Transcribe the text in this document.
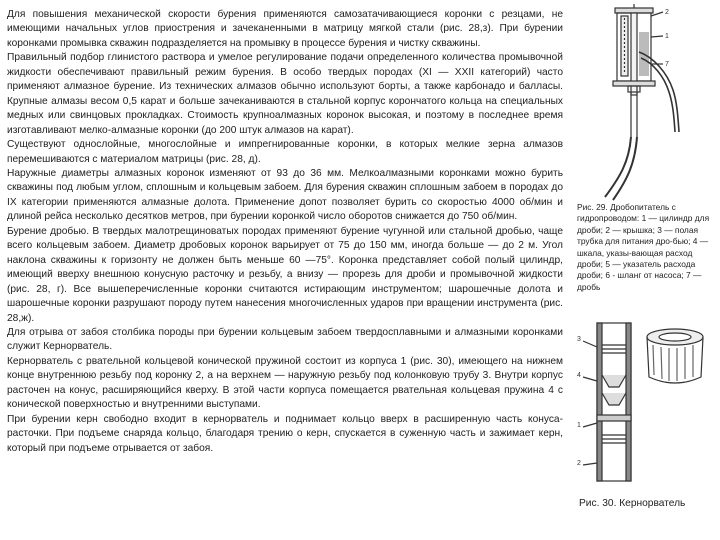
Для повышения механической скорости бурения применяются самозатачивающиеся коронки с резцами, не имеющими начальных углов приострения и зачеканенными в матрицу мягкой стали (рис. 28,з). При бурении коронками промывка скважин подразделяется на промывку в процессе бурения и чистку скважины.

Правильный подбор глинистого раствора и умелое регулирование подачи определенного количества промывочной жидкости обеспечивают правильный режим бурения. В особо твердых породах (XI — XXII категорий) часто применяют алмазное бурение. Из технических алмазов обычно используют борты, а также карбонадо и балласы. Крупные алмазы весом 0,5 карат и больше зачеканиваются в стальной корпус корончатого кольца на специальных медных или свинцовых прокладках. Стоимость крупноалмазных коронок высокая, и поэтому в последнее время изготавливают мелко-алмазные коронки (до 200 штук алмазов на карат).

Существуют однослойные, многослойные и импрегнированные коронки, в которых мелкие зерна алмазов перемешиваются с материалом матрицы (рис. 28, д).

Наружные диаметры алмазных коронок изменяют от 93 до 36 мм. Мелкоалмазными коронками можно бурить скважины под любым углом, сплошным и кольцевым забоем. Для бурения скважин сплошным забоем в породах до IX категории применяются алмазные долота. Применение допот позволяет бурить со скоростью 4000 об/мин и длиной рейса несколько десятков метров, при бурении коронкой число оборотов снижается до 750 об/мин.

Бурение дробью. В твердых малотрещиноватых породах применяют бурение чугунной или стальной дробью, чаще всего кольцевым забоем. Диаметр дробовых коронок варьирует от 75 до 150 мм, иногда больше — до 2 м. Угол наклона скважины к горизонту не должен быть меньше 60 —75°. Коронка представляет собой полый цилиндр, имеющий вверху внешнюю конусную расточку и резьбу, а внизу — прорезь для дроби и промывочной жидкости (рис. 28, г). Все вышеперечисленные коронки считаются истирающим инструментом; шарошечные долота и шарошечные коронки разрушают породу путем нанесения многочисленных ударов при вращении инструмента (рис. 28,ж).

Для отрыва от забоя столбика породы при бурении кольцевым забоем твердосплавными и алмазными коронками служит Кернорватель.

Кернорватель с рвательной кольцевой конической пружиной состоит из корпуса 1 (рис. 30), имеющего на нижнем конце внутреннюю резьбу под коронку 2, а на верхнем — наружную резьбу под колонковую трубу 3. Внутри корпус расточен на конус, расширяющийся кверху. В этой части корпуса помещается рвательная кольцевая пружина 4 с конической поверхностью и внутренними выступами.

При бурении керн свободно входит в кернорватель и поднимает кольцо вверх в расширенную часть конуса-расточки. При подъеме снаряда кольцо, благодаря трению о керн, спускается в суженную часть и зажимает керн, который при подъеме отрывается от забоя.

2
1
7

Рис. 29. Дробопитатель с гидропроводом: 1 — цилиндр для дроби; 2 — крышка; 3 — полая трубка для питания дро-бью; 4 — шкала, указы-вающая расход дроби; 5 — указатель расхода дроби; 6 - шланг от насоса; 7 — дробь

3
4
1
2

Рис. 30. Кернорватель
